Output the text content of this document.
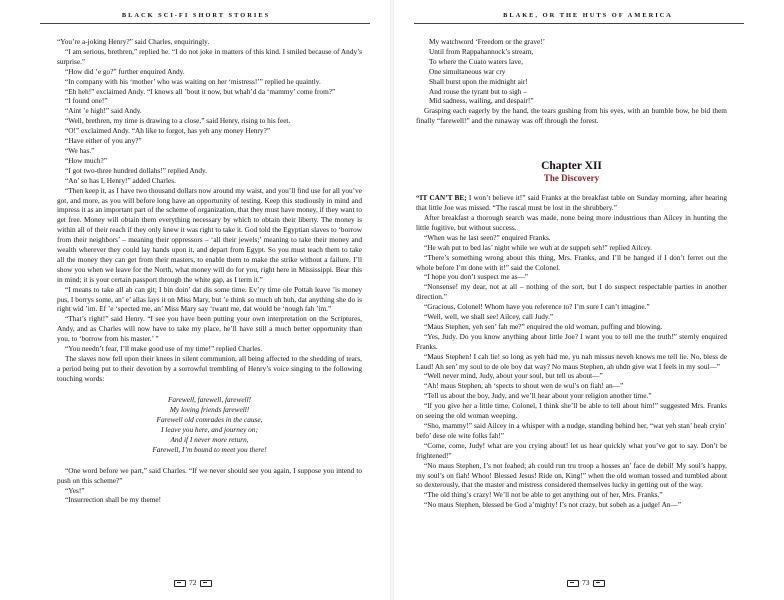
BLACK SCI-FI SHORT STORIES

“You’re a-joking Henry?” said Charles, enquiringly.

“I am serious, brethren,” replied he. “I do not joke in matters of this kind. I smiled because of Andy’s surprise.”

“How did ’e go?” further enquired Andy.

“In company with his ‘mother’ who was waiting on her ‘mistress!’” replied he quaintly.

“Eh heh!” exclaimed Andy. “I knows all ’bout it now, but whah’d da ‘mammy’ come from?”

“I found one!”

“Aint ’e high!” said Andy.

“Well, brethren, my time is drawing to a close,” said Henry, rising to his feet.

“O!” exclaimed Andy. “Ah like to forgot, has yeh any money Henry?”

“Have either of you any?”

“We has.”

“How much?”

“I got two-three hundred dollahs!” replied Andy.

“An’ so has I, Henry!” added Charles.

“Then keep it, as I have two thousand dollars now around my waist, and you’ll find use for all you’ve got, and more, as you will before long have an opportunity of testing. Keep this studiously in mind and impress it as an important part of the scheme of organization, that they must have money, if they want to get free. Money will obtain them everything necessary by which to obtain their liberty. The money is within all of their reach if they only knew it was right to take it. God told the Egyptian slaves to ‘borrow from their neighbors’ – meaning their oppressors – ‘all their jewels;’ meaning to take their money and wealth wherever they could lay hands upon it, and depart from Egypt. So you must teach them to take all the money they can get from their masters, to enable them to make the strike without a failure. I’ll show you when we leave for the North, what money will do for you, right here in Mississippi. Bear this in mind; it is your certain passport through the white gap, as I term it.”

“I means to take all ah can git; I bin doin’ dat dis some time. Ev’ry time ole Pottah leave ’is money pus, I borrys some, an’ e’ allas lays it on Miss Mary, but ’e think so much uh huh, dat anything she do is right wid ’im. Ef ’e ‘spected me, an’ Miss Mary say ‘twant me, dat would be ‘nough fah ’im.”

“That’s right!” said Henry. “I see you have been putting your own interpretation on the Scriptures, Andy, and as Charles will now have to take my place, he’ll have still a much better opportunity than you, to ‘borrow from his master.’ ”

“You needn’t fear, I’ll make good use of my time!” replied Charles.

The slaves now fell upon their knees in silent communion, all being affected to the shedding of tears, a period being put to their devotion by a sorrowful trembling of Henry’s voice singing to the following touching words:

Farewell, farewell, farewell!
My loving friends farewell!
Farewell old comrades in the cause,
I leave you here, and journey on;
And if I never more return,
Farewell, I’m bound to meet you there!

“One word before we part,” said Charles. “If we never should see you again, I suppose you intend to push on this scheme?”

“Yes!”

“Insurrection shall be my theme!

72
BLAKE, OR THE HUTS OF AMERICA
My watchword ‘Freedom or the grave!’
Until from Rappahannock’s stream,
To where the Cuato waters lave,
One simultaneous war cry
Shall burst upon the midnight air!
And rouse the tyrant but to sigh –
Mid sadness, wailing, and despair!”

Grasping each eagerly by the hand, the tears gushing from his eyes, with an humble bow, he bid them finally “farewell!” and the runaway was off through the forest.

Chapter XII
The Discovery

“IT CAN’T BE; I won’t believe it!” said Franks at the breakfast table on Sunday morning, after hearing that little Joe was missed. “The rascal must be lost in the shrubbery.”

After breakfast a thorough search was made, none being more industrious than Ailcey in hunting the little fugitive, but without success.

“When was he last seen?” enquired Franks.

“He wah put to bed las’ night while we wuh at de suppeh seh!” replied Ailcey.

“There’s something wrong about this thing, Mrs. Franks, and I’ll be hanged if I don’t ferret out the whole before I’m done with it!” said the Colonel.

“I hope you don’t suspect me as—”

“Nonsense! my dear, not at all – nothing of the sort, but I do suspect respectable parties in another direction.”

“Gracious, Colonel! Whom have you reference to? I’m sure I can’t imagine.”

“Well, well, we shall see! Ailcey, call Judy.”

“Maus Stephen, yeh sen’ fah me?” enquired the old woman, puffing and blowing.

“Yes, Judy. Do you know anything about little Joe? I want you to tell me the truth!” sternly enquired Franks.

“Maus Stephen! I cah lie! so long as yeh had me, yu nah missus neveh knows me tell lie. No, bless de Laud! Ah sen’ my soul to de ole boy dat way? No maus Stephen, ah uhdn give wat I feels in my soul—”

“Well never mind, Judy, about your soul, but tell us about—”

“Ah! maus Stephen, ah ‘spects to shout wen de wul’s on fiah! an—”

“Tell us about the boy, Judy, and we’ll hear about your religion another time.”

“If you give her a little time, Colonel, I think she’ll be able to tell about him!” suggested Mrs. Franks on seeing the old woman weeping.

“Sho, mammy!” said Ailcey in a whisper with a nudge, standing behind her, “wat yeh stan’ heah cryin’ befo’ dese ole wite folks fah!”

“Come, come, Judy! what are you crying about! let us hear quickly what you’ve got to say. Don’t be frightened!”

“No maus Stephen, I’s not feahed; ah could run tru troop a hosses an’ face de debil! My soul’s happy, my soul’s on fiah! Whoo! Blessed Jesus! Ride on, King!” when the old woman tossed and tumbled about so dexterously, that the master and mistress considered themselves lucky in getting out of the way.

“The old thing’s crazy! We’ll not be able to get anything out of her, Mrs. Franks.”

“No maus Stephen, blessed be God a’mighty! I’s not crazy, but sobeh as a judge! An—”

73
